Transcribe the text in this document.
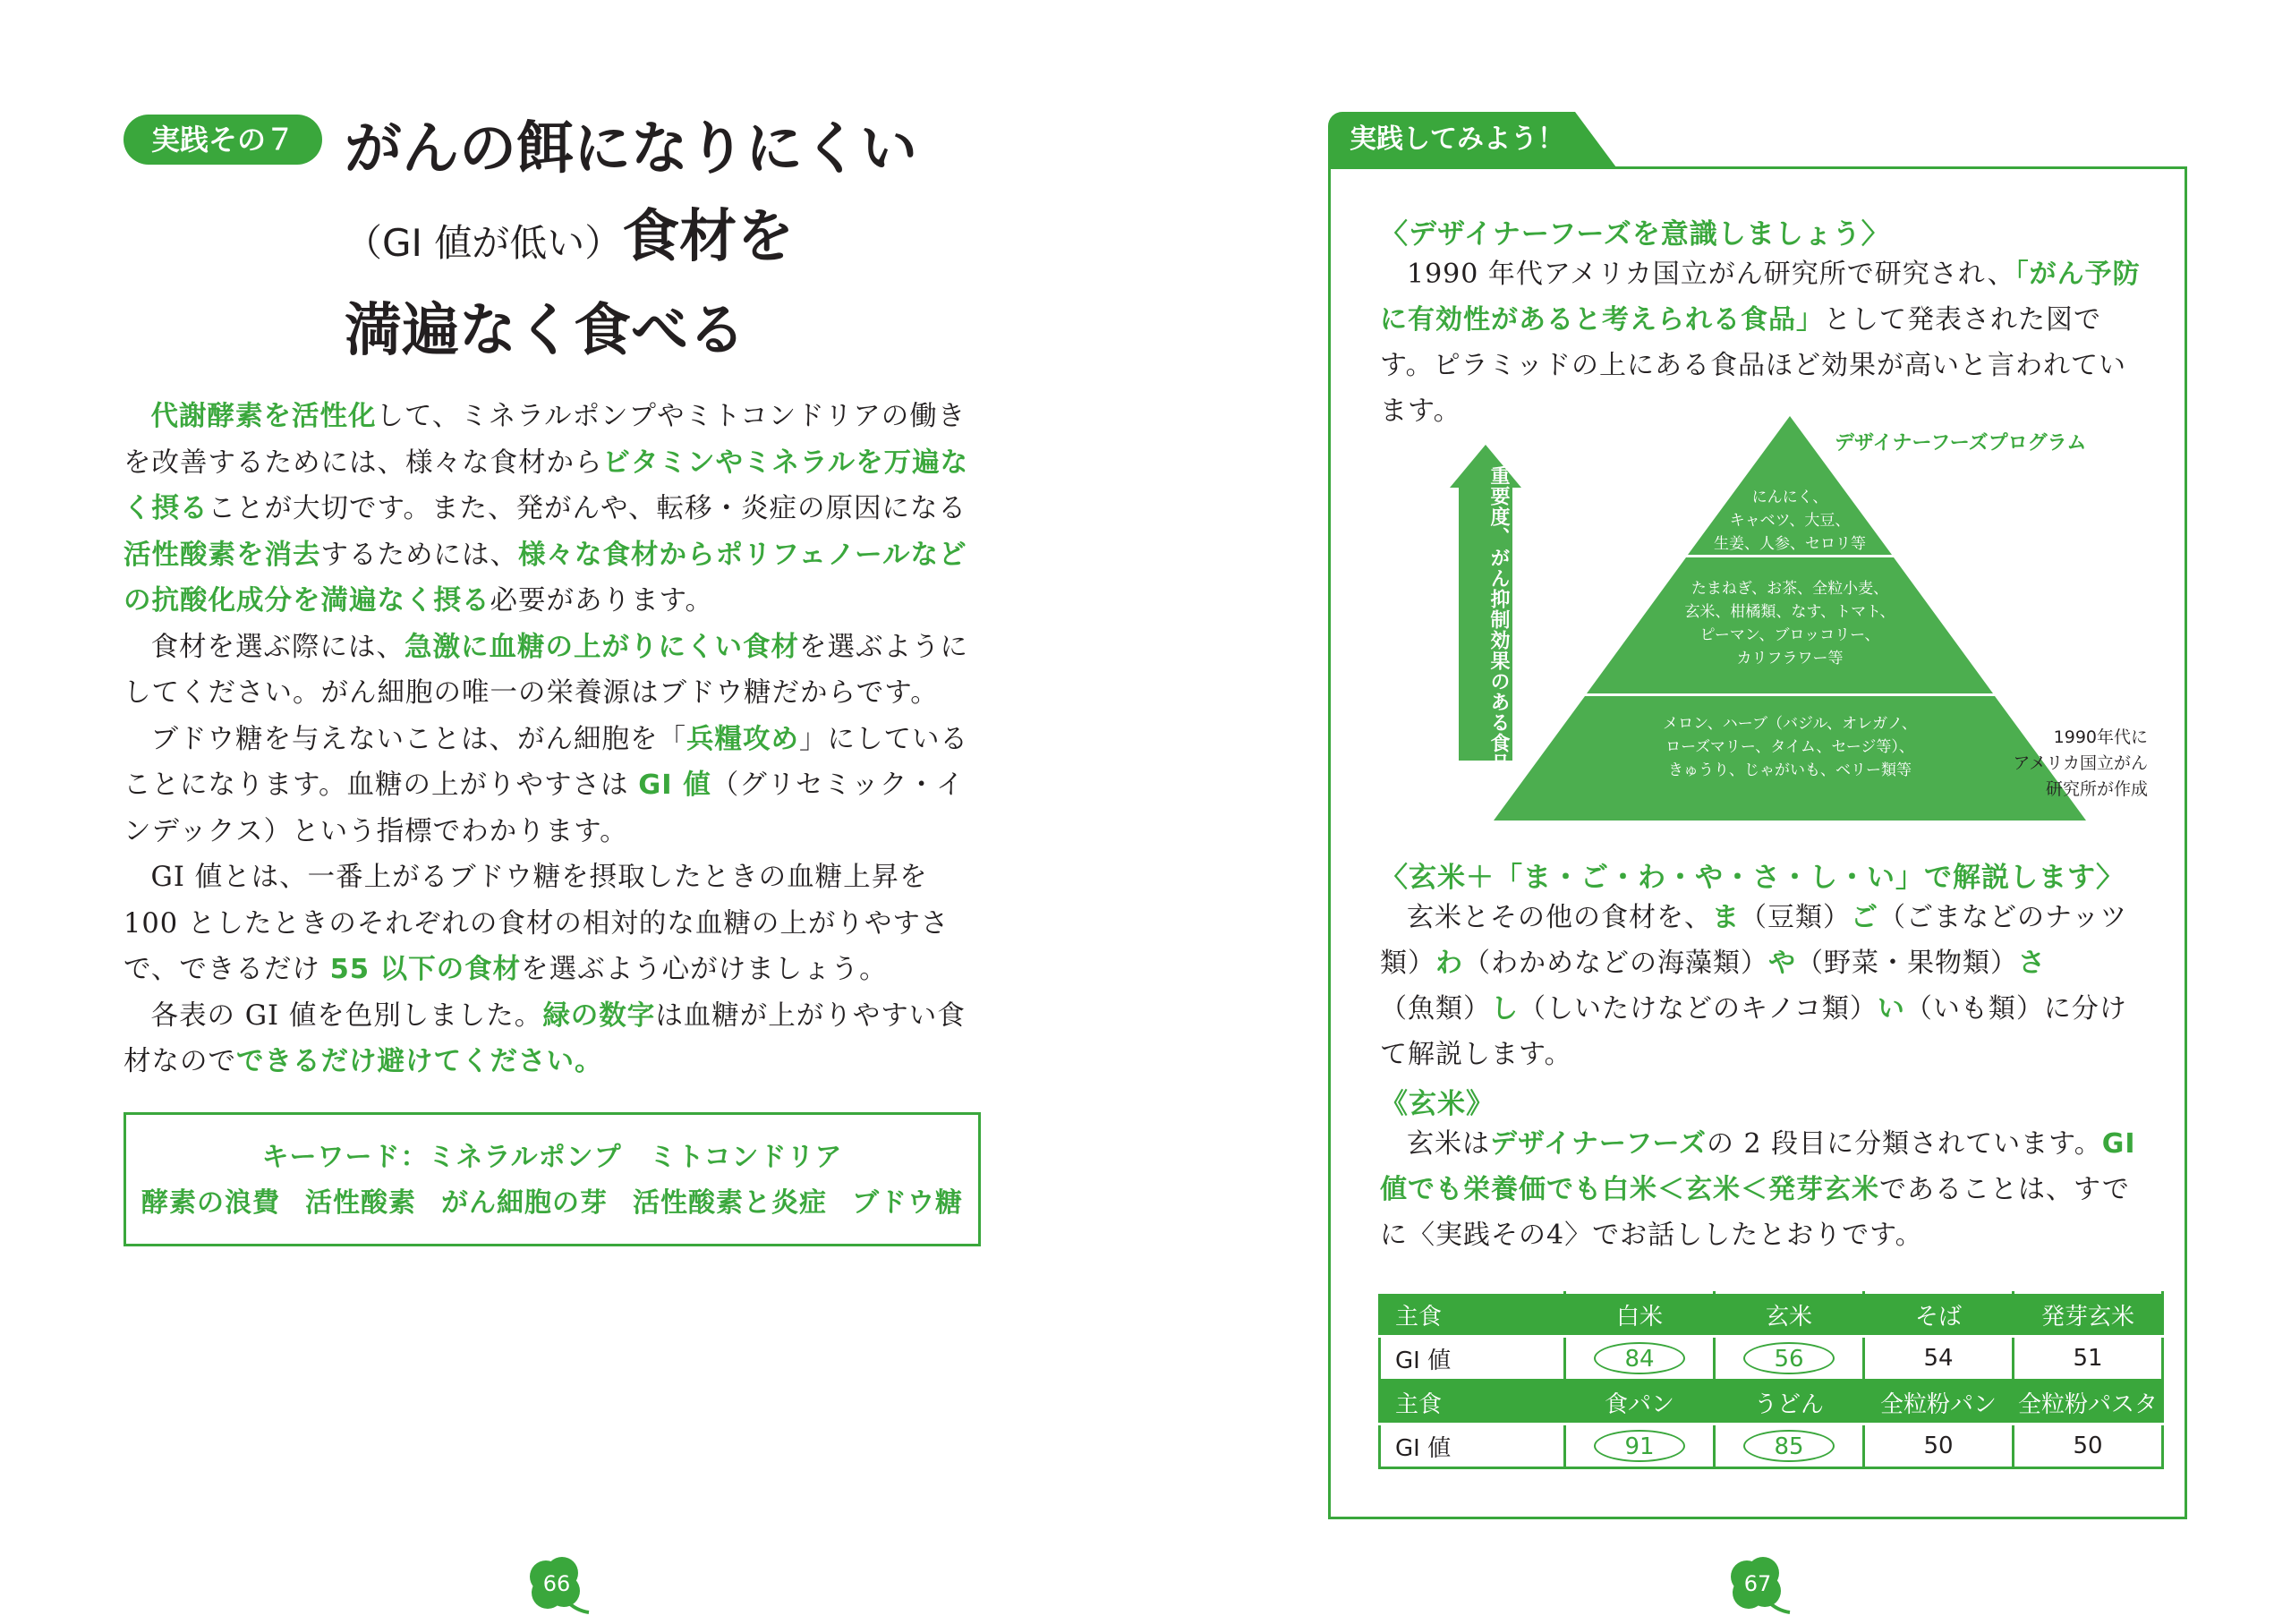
実践その７ がんの餌になりにくい
（GI 値が低い）食材を
満遍なく食べる

代謝酵素を活性化して、ミネラルポンプやミトコンドリアの働きを改善するためには、様々な食材からビタミンやミネラルを万遍なく摂ることが大切です。また、発がんや、転移・炎症の原因になる活性酸素を消去するためには、様々な食材からポリフェノールなどの抗酸化成分を満遍なく摂る必要があります。

食材を選ぶ際には、急激に血糖の上がりにくい食材を選ぶようにしてください。がん細胞の唯一の栄養源はブドウ糖だからです。

ブドウ糖を与えないことは、がん細胞を「兵糧攻め」にしていることになります。血糖の上がりやすさは GI 値（グリセミック・インデックス）という指標でわかります。

GI 値とは、一番上がるブドウ糖を摂取したときの血糖上昇を 100 としたときのそれぞれの食材の相対的な血糖の上がりやすさで、できるだけ 55 以下の食材を選ぶよう心がけましょう。

各表の GI 値を色別しました。緑の数字は血糖が上がりやすい食材なのでできるだけ避けてください。

キーワード：ミネラルポンプ　ミトコンドリア
酵素の浪費 活性酸素 がん細胞の芽 活性酸素と炎症 ブドウ糖
66
実践してみよう！

〈デザイナーフーズを意識しましょう〉

1990 年代アメリカ国立がん研究所で研究され、「がん予防に有効性があると考えられる食品」として発表された図です。ピラミッドの上にある食品ほど効果が高いと言われています。

重要度、がん抑制効果のある食品
デザイナーフーズプログラム
にんにく、
キャベツ、大豆、
生姜、人参、セロリ等
たまねぎ、お茶、全粒小麦、
玄米、柑橘類、なす、トマト、
ピーマン、ブロッコリー、
カリフラワー等
メロン、ハーブ（バジル、オレガノ、
ローズマリー、タイム、セージ等）、
きゅうり、じゃがいも、ベリー類等
1990年代に
アメリカ国立がん
研究所が作成

〈玄米＋「ま・ご・わ・や・さ・し・い」で解説します〉

玄米とその他の食材を、ま（豆類）ご（ごまなどのナッツ類）わ（わかめなどの海藻類）や（野菜・果物類）さ（魚類）し（しいたけなどのキノコ類）い（いも類）に分けて解説します。

《玄米》

玄米はデザイナーフーズの 2 段目に分類されています。GI 値でも栄養価でも白米＜玄米＜発芽玄米であることは、すでに〈実践その4〉でお話ししたとおりです。

主食	白米	玄米	そば	発芽玄米
GI 値	84	56	54	51
主食	食パン	うどん	全粒粉パン	全粒粉パスタ
GI 値	91	85	50	50
67
